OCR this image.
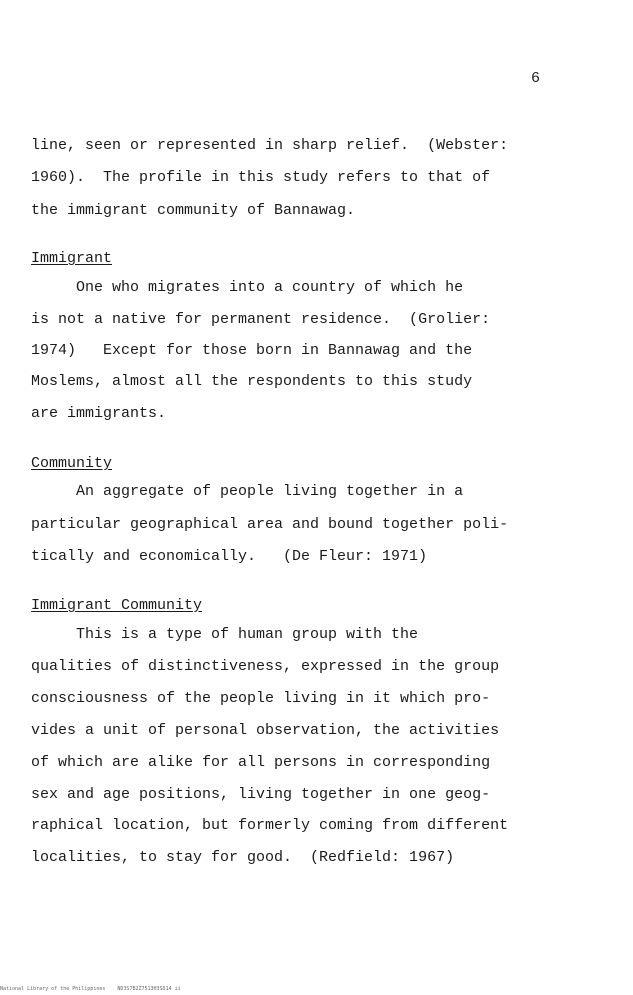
6
line, seen or represented in sharp relief.  (Webster:
1960).  The profile in this study refers to that of
the immigrant community of Bannawag.
Immigrant
One who migrates into a country of which he
is not a native for permanent residence.  (Grolier:
1974)   Except for those born in Bannawag and the
Moslems, almost all the respondents to this study
are immigrants.
Community
An aggregate of people living together in a
particular geographical area and bound together poli-
tically and economically.   (De Fleur: 1971)
Immigrant Community
This is a type of human group with the
qualities of distinctiveness, expressed in the group
consciousness of the people living in it which pro-
vides a unit of personal observation, the activities
of which are alike for all persons in corresponding
sex and age positions, living together in one geog-
raphical location, but formerly coming from different
localities, to stay for good.  (Redfield: 1967)
National Library of the Philippines    ND3S7B2Z7513H3SD14 ii
